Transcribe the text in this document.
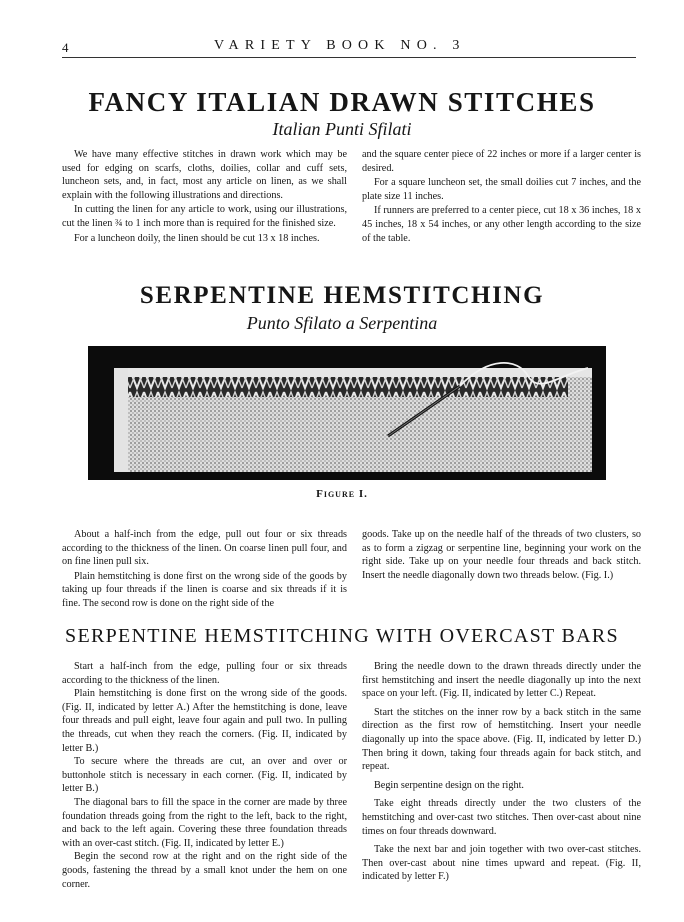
4	VARIETY BOOK NO. 3
FANCY ITALIAN DRAWN STITCHES
Italian Punti Sfilati

We have many effective stitches in drawn work which may be used for edging on scarfs, cloths, doilies, collar and cuff sets, luncheon sets, and, in fact, most any article on linen, as we shall explain with the following illustrations and directions.

In cutting the linen for any article to work, using our illustrations, cut the linen ¾ to 1 inch more than is required for the finished size.

For a luncheon doily, the linen should be cut 13 x 18 inches.

and the square center piece of 22 inches or more if a larger center is desired.

For a square luncheon set, the small doilies cut 7 inches, and the plate size 11 inches.

If runners are preferred to a center piece, cut 18 x 36 inches, 18 x 45 inches, 18 x 54 inches, or any other length according to the size of the table.

SERPENTINE HEMSTITCHING
Punto Sfilato a Serpentina
Figure I.

About a half-inch from the edge, pull out four or six threads according to the thickness of the linen. On coarse linen pull four, and on fine linen pull six.

Plain hemstitching is done first on the wrong side of the goods by taking up four threads if the linen is coarse and six threads if it is fine. The second row is done on the right side of the

goods. Take up on the needle half of the threads of two clusters, so as to form a zigzag or serpentine line, beginning your work on the right side. Take up on your needle four threads and back stitch. Insert the needle diagonally down two threads below. (Fig. I.)

SERPENTINE HEMSTITCHING WITH OVERCAST BARS

Start a half-inch from the edge, pulling four or six threads according to the thickness of the linen.

Plain hemstitching is done first on the wrong side of the goods. (Fig. II, indicated by letter A.) After the hemstitching is done, leave four threads and pull eight, leave four again and pull two. In pulling the threads, cut when they reach the corners. (Fig. II, indicated by letter B.)

To secure where the threads are cut, an over and over or buttonhole stitch is necessary in each corner. (Fig. II, indicated by letter B.)

The diagonal bars to fill the space in the corner are made by three foundation threads going from the right to the left, back to the right, and back to the left again. Covering these three foundation threads with an over-cast stitch. (Fig. II, indicated by letter E.)

Begin the second row at the right and on the right side of the goods, fastening the thread by a small knot under the hem on one corner.

Bring the needle down to the drawn threads directly under the first hemstitching and insert the needle diagonally up into the next space on your left. (Fig. II, indicated by letter C.) Repeat.

Start the stitches on the inner row by a back stitch in the same direction as the first row of hemstitching. Insert your needle diagonally up into the space above. (Fig. II, indicated by letter D.) Then bring it down, taking four threads again for back stitch, and repeat.

Begin serpentine design on the right.

Take eight threads directly under the two clusters of the hemstitching and over-cast two stitches. Then over-cast about nine times on four threads downward.

Take the next bar and join together with two over-cast stitches. Then over-cast about nine times upward and repeat. (Fig. II, indicated by letter F.)
